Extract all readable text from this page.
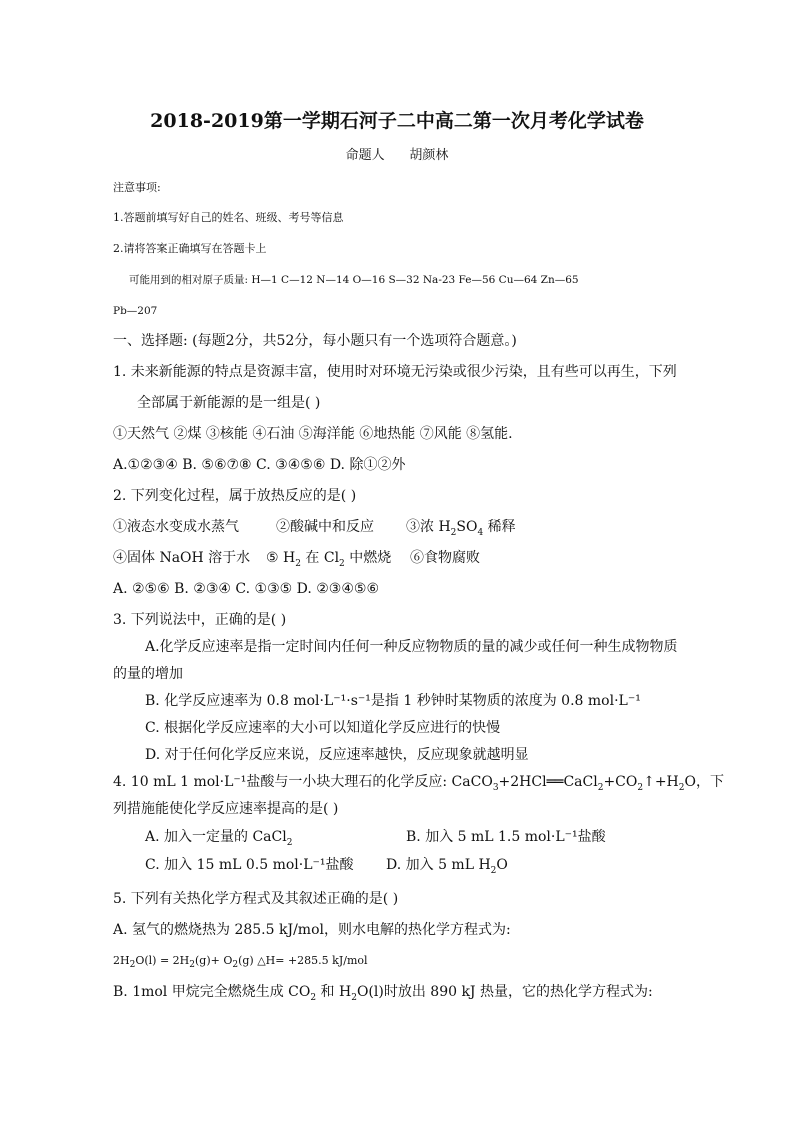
2018-2019第一学期石河子二中高二第一次月考化学试卷
命题人 胡颜林
注意事项:
1.答题前填写好自己的姓名、班级、考号等信息
2.请将答案正确填写在答题卡上
可能用到的相对原子质量: H—1 C—12 N—14 O—16 S—32 Na-23 Fe—56 Cu—64 Zn—65
Pb—207
一、选择题: (每题2分，共52分，每小题只有一个选项符合题意。)
1. 未来新能源的特点是资源丰富，使用时对环境无污染或很少污染，且有些可以再生，下列
全部属于新能源的是一组是( )
①天然气 ②煤 ③核能 ④石油 ⑤海洋能 ⑥地热能 ⑦风能 ⑧氢能.
A.①②③④ B. ⑤⑥⑦⑧ C. ③④⑤⑥ D. 除①②外
2. 下列变化过程，属于放热反应的是( )
①液态水变成水蒸气	②酸碱中和反应 ③浓 $H_2SO_4$ 稀释
④固体 NaOH 溶于水 ⑤ $H_2$ 在 $Cl_2$ 中燃烧 ⑥食物腐败
A. ②⑤⑥ B. ②③④ C. ①③⑤ D. ②③④⑤⑥
3. 下列说法中，正确的是( )
A.化学反应速率是指一定时间内任何一种反应物物质的量的减少或任何一种生成物物质
的量的增加
B. 化学反应速率为 0.8 mol·L⁻¹·s⁻¹是指 1 秒钟时某物质的浓度为 0.8 mol·L⁻¹
C. 根据化学反应速率的大小可以知道化学反应进行的快慢
D. 对于任何化学反应来说，反应速率越快，反应现象就越明显
4. 10 mL 1 mol·L⁻¹盐酸与一小块大理石的化学反应: $CaCO_3+2HCl══CaCl_2+CO_2↑+H_2O$，下
列措施能使化学反应速率提高的是( )
A. 加入一定量的 CaCl$_2$	B. 加入 5 mL 1.5 mol·L⁻¹盐酸
C. 加入 15 mL 0.5 mol·L⁻¹盐酸 D. 加入 5 mL $H_2O$
5. 下列有关热化学方程式及其叙述正确的是( )
A. 氢气的燃烧热为 285.5 kJ/mol，则水电解的热化学方程式为:
$2H_2O(l) = 2H_2(g)+ O_2(g)$ △H= +285.5 kJ/mol
B. 1mol 甲烷完全燃烧生成 $CO_2$ 和 $H_2O(l)$时放出 890 kJ 热量，它的热化学方程式为:
